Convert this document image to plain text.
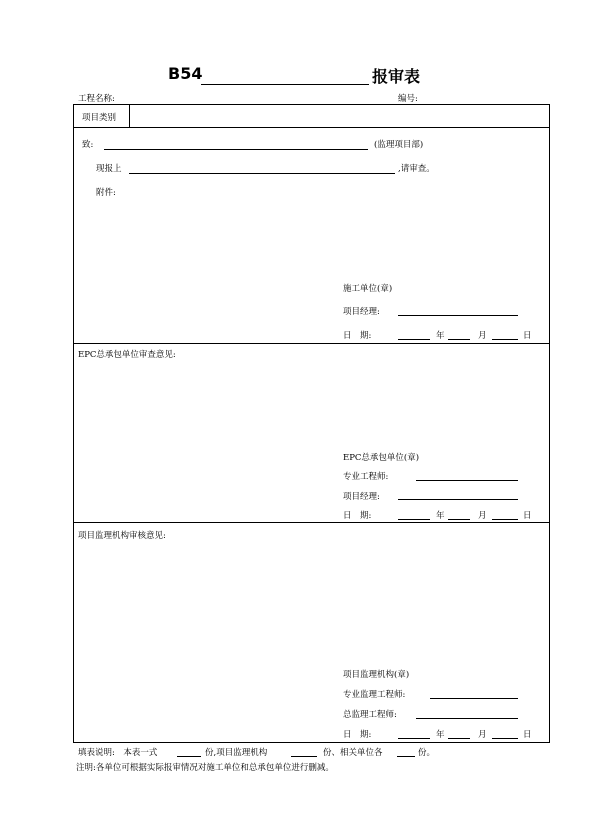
B54	报审表
工程名称:	编号:
项目类别
致:	(监理项目部)
现报上	,请审查。
附件:
施工单位(章)
项目经理:
日　期:	年	月	日
EPC总承包单位审查意见:
EPC总承包单位(章)
专业工程师:
项目经理:
日　期:	年	月	日
项目监理机构审核意见:
项目监理机构(章)
专业监理工程师:
总监理工程师:
日　期:	年	月	日
填表说明:　本表一式	份,项目监理机构	份、相关单位各	份。
注明:各单位可根据实际报审情况对施工单位和总承包单位进行删减。
